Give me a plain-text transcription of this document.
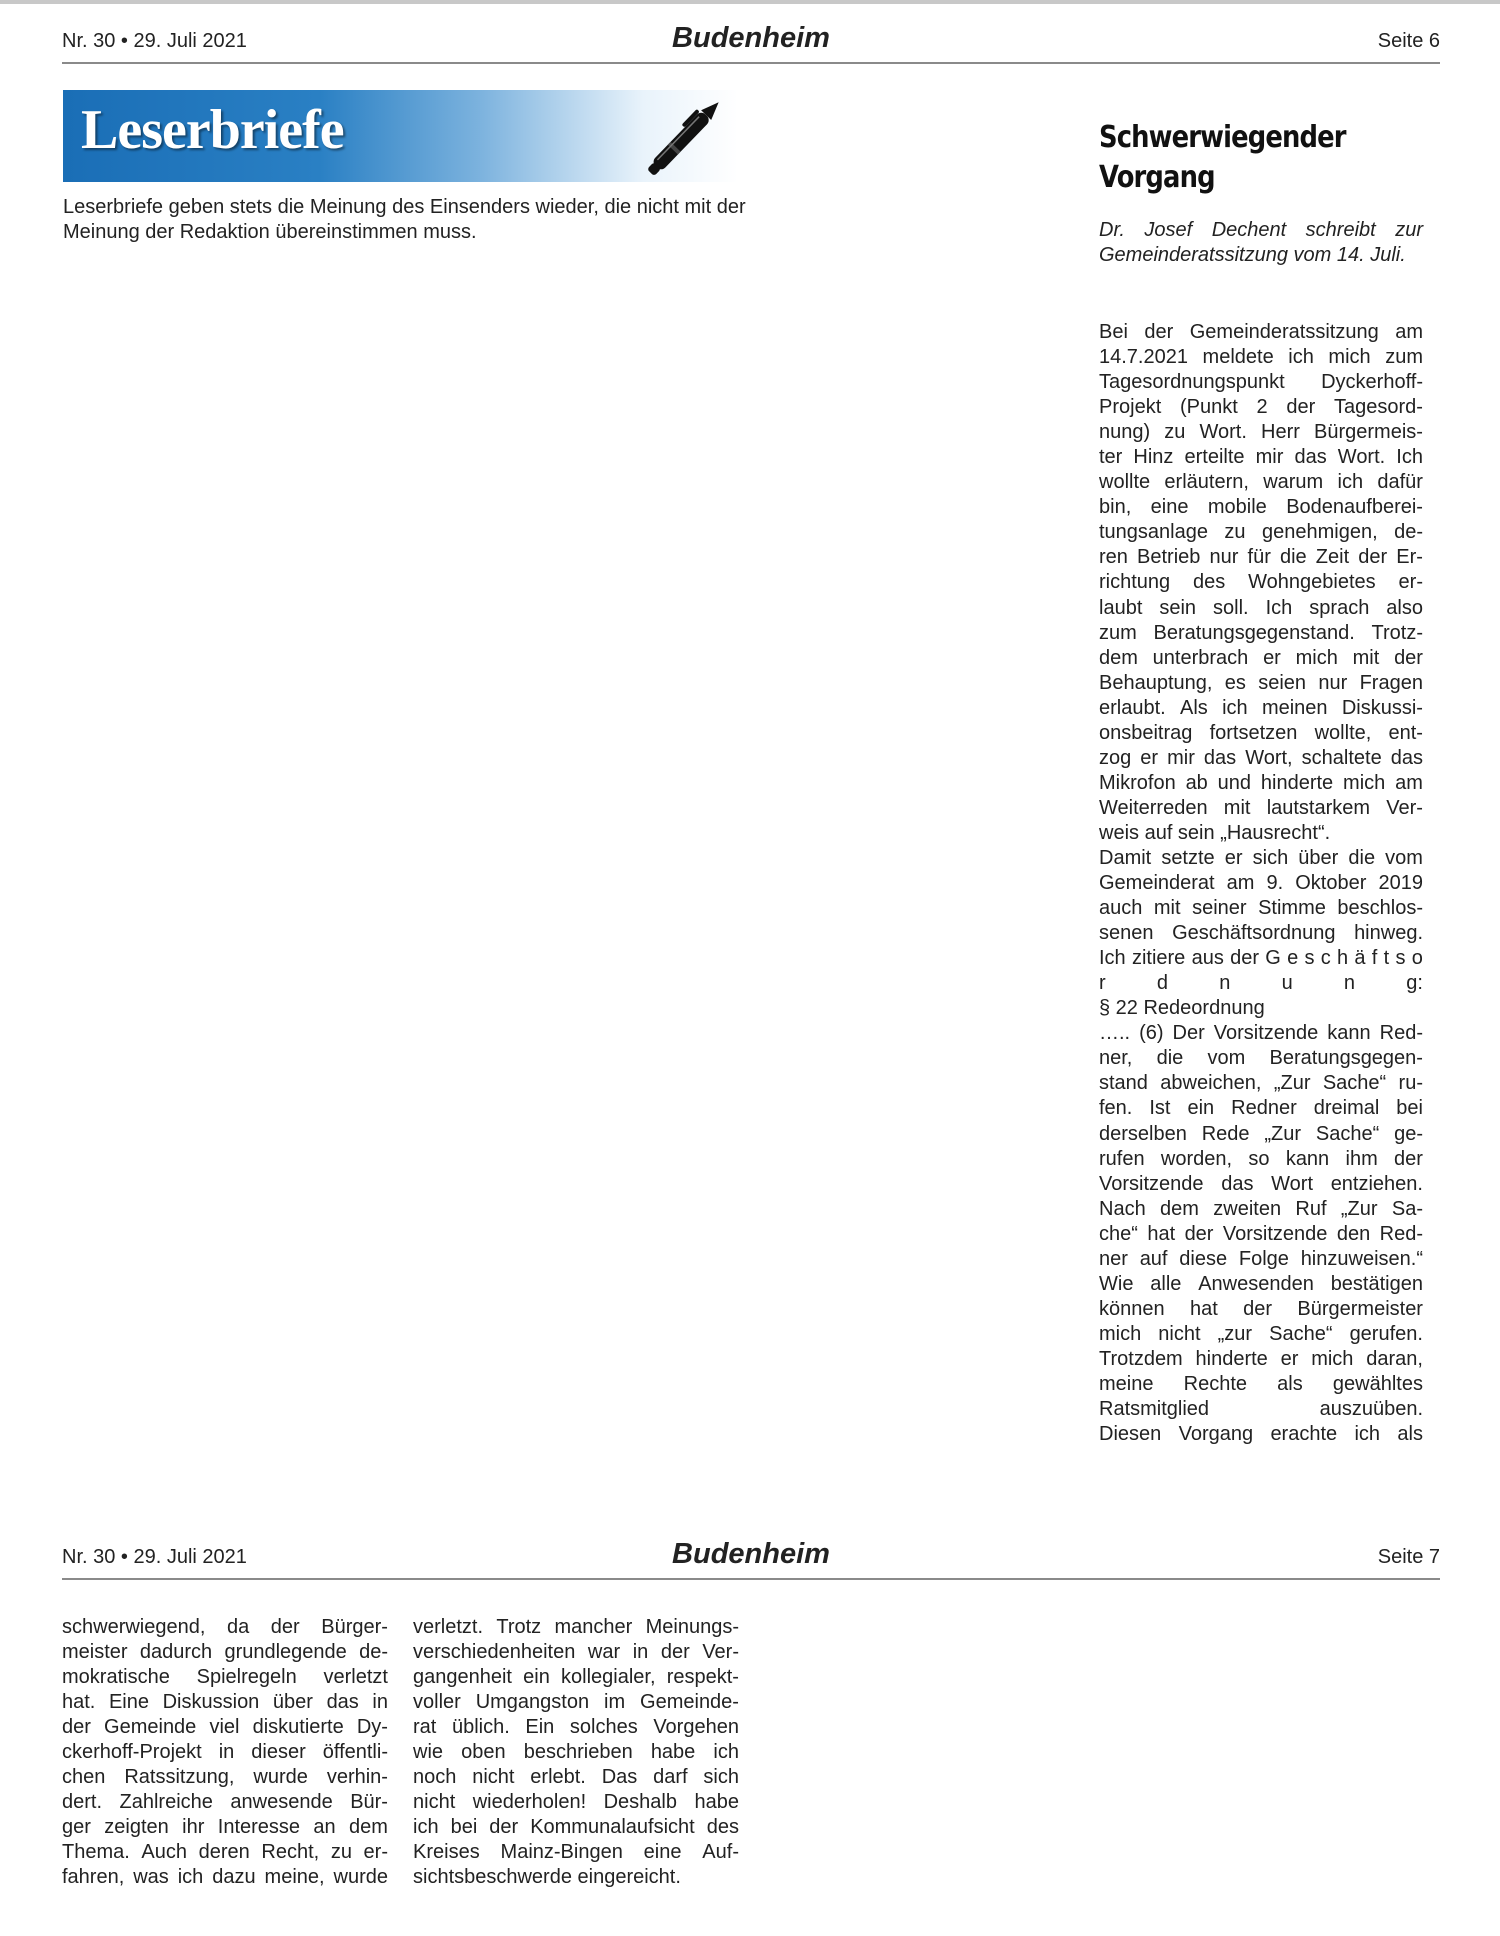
Nr. 30 • 29. Juli 2021	Budenheim	Seite 6
Leserbriefe
Leserbriefe geben stets die Meinung des Einsenders wieder, die nicht mit der Meinung der Redaktion übereinstimmen muss.
Schwerwiegender
Vorgang
Dr. Josef Dechent schreibt zur Gemeinderatssitzung vom 14. Juli.
Bei der Gemeinderatssitzung am
14.7.2021 meldete ich mich zum
Tagesordnungspunkt Dyckerhoff-
Projekt (Punkt 2 der Tagesord-
nung) zu Wort. Herr Bürgermeis-
ter Hinz erteilte mir das Wort. Ich
wollte erläutern, warum ich dafür
bin, eine mobile Bodenaufberei-
tungsanlage zu genehmigen, de-
ren Betrieb nur für die Zeit der Er-
richtung des Wohngebietes er-
laubt sein soll. Ich sprach also
zum Beratungsgegenstand. Trotz-
dem unterbrach er mich mit der
Behauptung, es seien nur Fragen
erlaubt. Als ich meinen Diskussi-
onsbeitrag fortsetzen wollte, ent-
zog er mir das Wort, schaltete das
Mikrofon ab und hinderte mich am
Weiterreden mit lautstarkem Ver-
weis auf sein „Hausrecht“.
Damit setzte er sich über die vom
Gemeinderat am 9. Oktober 2019
auch mit seiner Stimme beschlos-
senen Geschäftsordnung hinweg.
Ich zitiere aus der G e s c h ä f t s o
r	d	n	u	n	g:
§ 22 Redeordnung
….. (6) Der Vorsitzende kann Red-
ner, die vom Beratungsgegen-
stand abweichen, „Zur Sache“ ru-
fen. Ist ein Redner dreimal bei
derselben Rede „Zur Sache“ ge-
rufen worden, so kann ihm der
Vorsitzende das Wort entziehen.
Nach dem zweiten Ruf „Zur Sa-
che“ hat der Vorsitzende den Red-
ner auf diese Folge hinzuweisen.“
Wie alle Anwesenden bestätigen
können hat der Bürgermeister
mich nicht „zur Sache“ gerufen.
Trotzdem hinderte er mich daran,
meine Rechte als gewähltes
Ratsmitglied	auszuüben.
Diesen Vorgang erachte ich als
Nr. 30 • 29. Juli 2021	Budenheim	Seite 7
schwerwiegend, da der Bürger-
meister dadurch grundlegende de-
mokratische Spielregeln verletzt
hat. Eine Diskussion über das in
der Gemeinde viel diskutierte Dy-
ckerhoff-Projekt in dieser öffentli-
chen Ratssitzung, wurde verhin-
dert. Zahlreiche anwesende Bür-
ger zeigten ihr Interesse an dem
Thema. Auch deren Recht, zu er-
fahren, was ich dazu meine, wurde
verletzt. Trotz mancher Meinungs-
verschiedenheiten war in der Ver-
gangenheit ein kollegialer, respekt-
voller Umgangston im Gemeinde-
rat üblich. Ein solches Vorgehen
wie oben beschrieben habe ich
noch nicht erlebt. Das darf sich
nicht wiederholen! Deshalb habe
ich bei der Kommunalaufsicht des
Kreises Mainz-Bingen eine Auf-
sichtsbeschwerde eingereicht.
